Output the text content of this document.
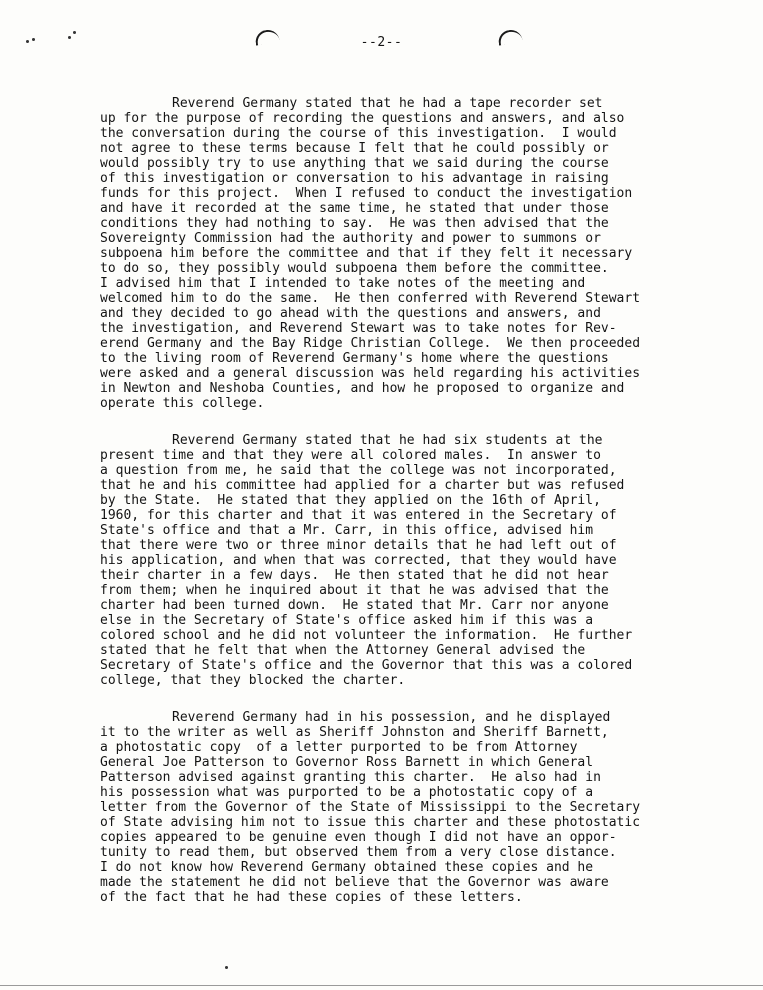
--2--

Reverend Germany stated that he had a tape recorder set
up for the purpose of recording the questions and answers, and also
the conversation during the course of this investigation.  I would
not agree to these terms because I felt that he could possibly or
would possibly try to use anything that we said during the course
of this investigation or conversation to his advantage in raising
funds for this project.  When I refused to conduct the investigation
and have it recorded at the same time, he stated that under those
conditions they had nothing to say.  He was then advised that the
Sovereignty Commission had the authority and power to summons or
subpoena him before the committee and that if they felt it necessary
to do so, they possibly would subpoena them before the committee.
I advised him that I intended to take notes of the meeting and
welcomed him to do the same.  He then conferred with Reverend Stewart
and they decided to go ahead with the questions and answers, and
the investigation, and Reverend Stewart was to take notes for Rev-
erend Germany and the Bay Ridge Christian College.  We then proceeded
to the living room of Reverend Germany's home where the questions
were asked and a general discussion was held regarding his activities
in Newton and Neshoba Counties, and how he proposed to organize and
operate this college.

Reverend Germany stated that he had six students at the
present time and that they were all colored males.  In answer to
a question from me, he said that the college was not incorporated,
that he and his committee had applied for a charter but was refused
by the State.  He stated that they applied on the 16th of April,
1960, for this charter and that it was entered in the Secretary of
State's office and that a Mr. Carr, in this office, advised him
that there were two or three minor details that he had left out of
his application, and when that was corrected, that they would have
their charter in a few days.  He then stated that he did not hear
from them; when he inquired about it that he was advised that the
charter had been turned down.  He stated that Mr. Carr nor anyone
else in the Secretary of State's office asked him if this was a
colored school and he did not volunteer the information.  He further
stated that he felt that when the Attorney General advised the
Secretary of State's office and the Governor that this was a colored
college, that they blocked the charter.

Reverend Germany had in his possession, and he displayed
it to the writer as well as Sheriff Johnston and Sheriff Barnett,
a photostatic copy  of a letter purported to be from Attorney
General Joe Patterson to Governor Ross Barnett in which General
Patterson advised against granting this charter.  He also had in
his possession what was purported to be a photostatic copy of a
letter from the Governor of the State of Mississippi to the Secretary
of State advising him not to issue this charter and these photostatic
copies appeared to be genuine even though I did not have an oppor-
tunity to read them, but observed them from a very close distance.
I do not know how Reverend Germany obtained these copies and he
made the statement he did not believe that the Governor was aware
of the fact that he had these copies of these letters.
